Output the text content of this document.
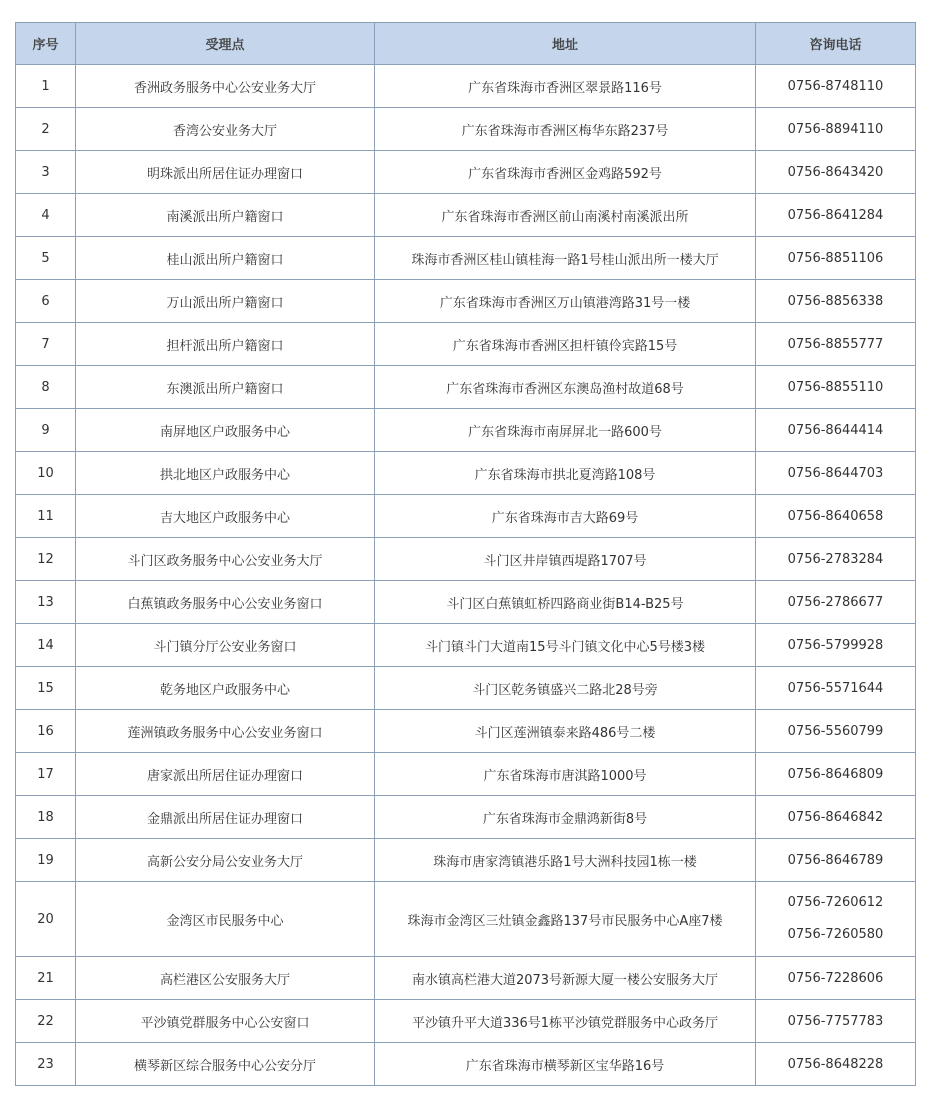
序号	受理点	地址	咨询电话
1	香洲政务服务中心公安业务大厅	广东省珠海市香洲区翠景路116号	0756-8748110
2	香湾公安业务大厅	广东省珠海市香洲区梅华东路237号	0756-8894110
3	明珠派出所居住证办理窗口	广东省珠海市香洲区金鸡路592号	0756-8643420
4	南溪派出所户籍窗口	广东省珠海市香洲区前山南溪村南溪派出所	0756-8641284
5	桂山派出所户籍窗口	珠海市香洲区桂山镇桂海一路1号桂山派出所一楼大厅	0756-8851106
6	万山派出所户籍窗口	广东省珠海市香洲区万山镇港湾路31号一楼	0756-8856338
7	担杆派出所户籍窗口	广东省珠海市香洲区担杆镇伶宾路15号	0756-8855777
8	东澳派出所户籍窗口	广东省珠海市香洲区东澳岛渔村故道68号	0756-8855110
9	南屏地区户政服务中心	广东省珠海市南屏屏北一路600号	0756-8644414
10	拱北地区户政服务中心	广东省珠海市拱北夏湾路108号	0756-8644703
11	吉大地区户政服务中心	广东省珠海市吉大路69号	0756-8640658
12	斗门区政务服务中心公安业务大厅	斗门区井岸镇西堤路1707号	0756-2783284
13	白蕉镇政务服务中心公安业务窗口	斗门区白蕉镇虹桥四路商业街B14-B25号	0756-2786677
14	斗门镇分厅公安业务窗口	斗门镇斗门大道南15号斗门镇文化中心5号楼3楼	0756-5799928
15	乾务地区户政服务中心	斗门区乾务镇盛兴二路北28号旁	0756-5571644
16	莲洲镇政务服务中心公安业务窗口	斗门区莲洲镇泰来路486号二楼	0756-5560799
17	唐家派出所居住证办理窗口	广东省珠海市唐淇路1000号	0756-8646809
18	金鼎派出所居住证办理窗口	广东省珠海市金鼎鸿新街8号	0756-8646842
19	高新公安分局公安业务大厅	珠海市唐家湾镇港乐路1号大洲科技园1栋一楼	0756-8646789
20	金湾区市民服务中心	珠海市金湾区三灶镇金鑫路137号市民服务中心A座7楼	0756-7260612
0756-7260580

21	高栏港区公安服务大厅	南水镇高栏港大道2073号新源大厦一楼公安服务大厅	0756-7228606
22	平沙镇党群服务中心公安窗口	平沙镇升平大道336号1栋平沙镇党群服务中心政务厅	0756-7757783
23	横琴新区综合服务中心公安分厅	广东省珠海市横琴新区宝华路16号	0756-8648228
